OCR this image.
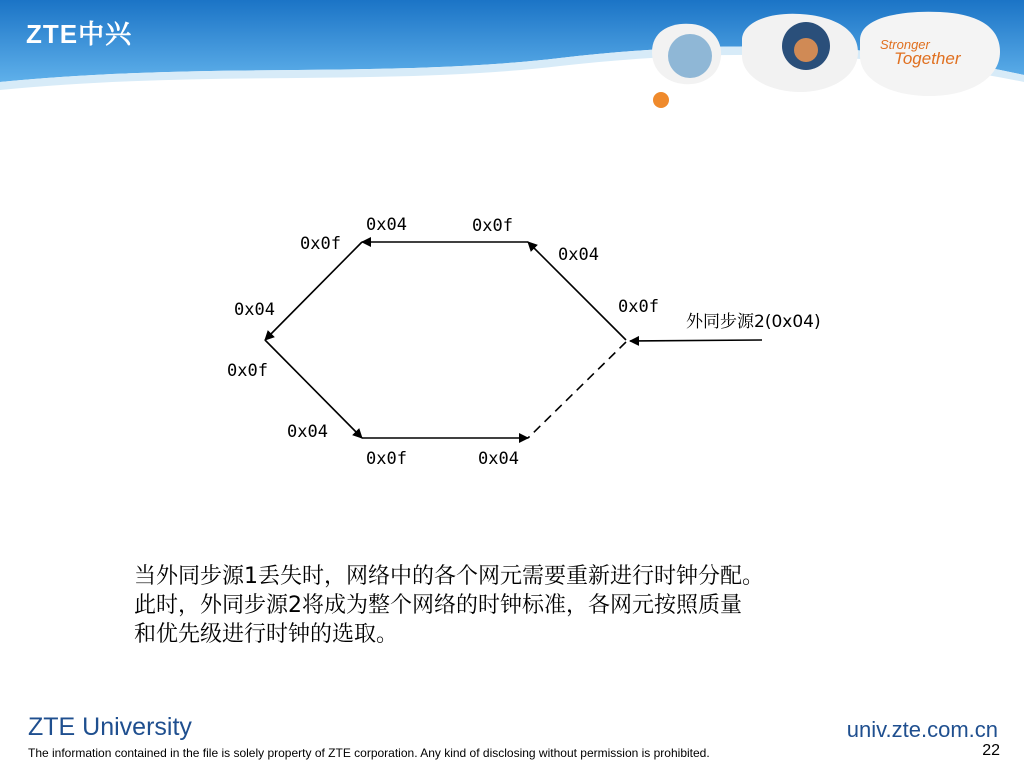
ZTE中兴	Stronger
Together
0x04	0x0f
0x0f
0x04
0x04	0x0f
0x0f
0x04
0x0f	0x04
外同步源2(0x04)

当外同步源1丢失时，网络中的各个网元需要重新进行时钟分配。

此时，外同步源2将成为整个网络的时钟标准，各网元按照质量

和优先级进行时钟的选取。

ZTE University	univ.zte.com.cn
The information contained in the file is solely property of ZTE corporation. Any kind of disclosing without permission is prohibited.	22
